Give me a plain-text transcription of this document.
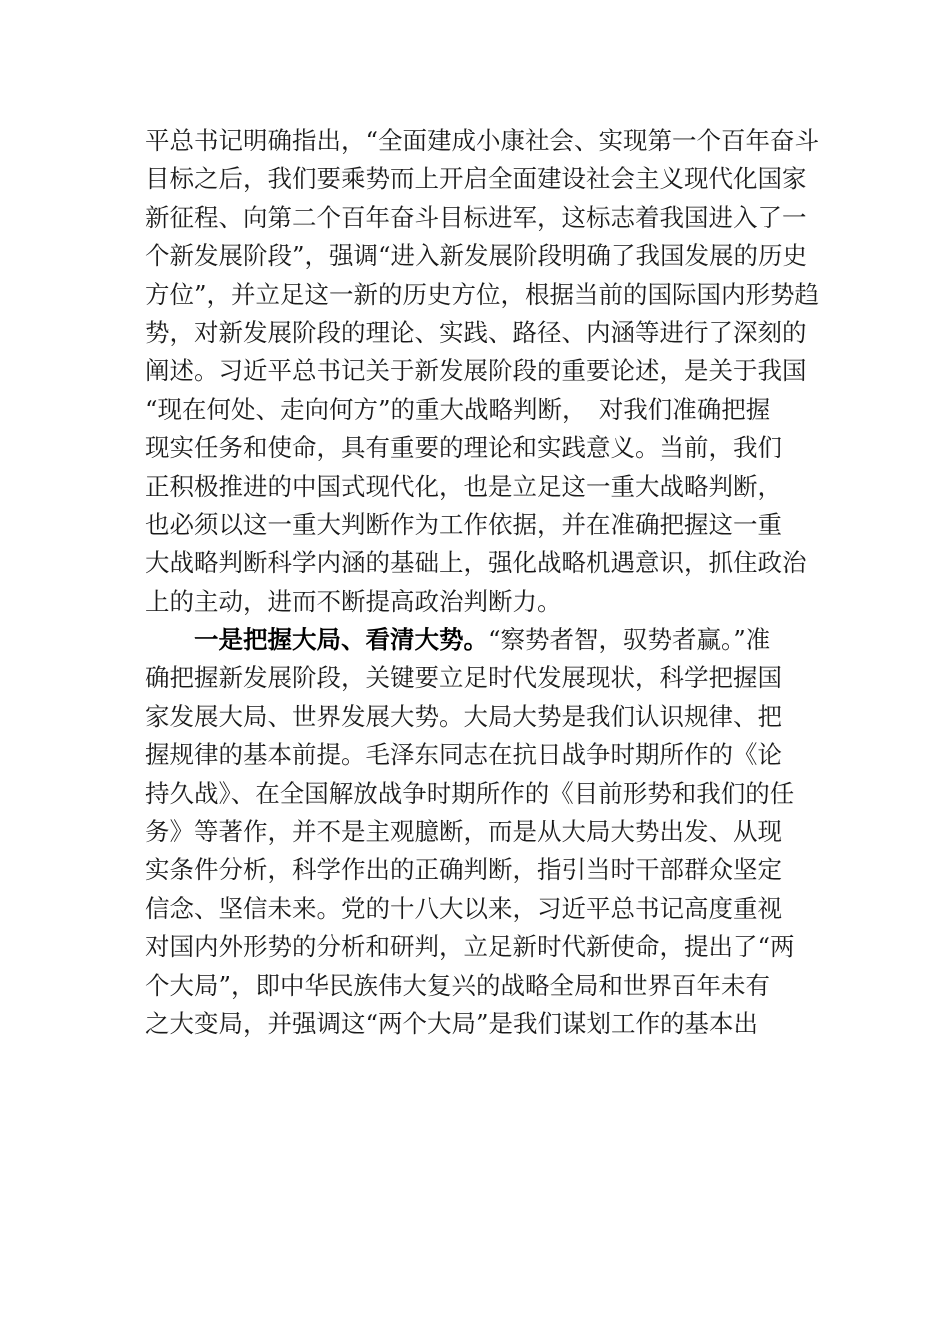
平总书记明确指出，“全面建成小康社会、实现第一个百年奋斗
目标之后，我们要乘势而上开启全面建设社会主义现代化国家
新征程、向第二个百年奋斗目标进军，这标志着我国进入了一
个新发展阶段”，强调“进入新发展阶段明确了我国发展的历史
方位”，并立足这一新的历史方位，根据当前的国际国内形势趋
势，对新发展阶段的理论、实践、路径、内涵等进行了深刻的
阐述。习近平总书记关于新发展阶段的重要论述，是关于我国
“现在何处、走向何方”的重大战略判断，　对我们准确把握
现实任务和使命，具有重要的理论和实践意义。当前，我们
正积极推进的中国式现代化，也是立足这一重大战略判断，
也必须以这一重大判断作为工作依据，并在准确把握这一重
大战略判断科学内涵的基础上，强化战略机遇意识，抓住政治
上的主动，进而不断提高政治判断力。
一是把握大局、看清大势。“察势者智，驭势者赢。”准
确把握新发展阶段，关键要立足时代发展现状，科学把握国
家发展大局、世界发展大势。大局大势是我们认识规律、把
握规律的基本前提。毛泽东同志在抗日战争时期所作的《论
持久战》、在全国解放战争时期所作的《目前形势和我们的任
务》等著作，并不是主观臆断，而是从大局大势出发、从现
实条件分析，科学作出的正确判断，指引当时干部群众坚定
信念、坚信未来。党的十八大以来，习近平总书记高度重视
对国内外形势的分析和研判，立足新时代新使命，提出了“两
个大局”，即中华民族伟大复兴的战略全局和世界百年未有
之大变局，并强调这“两个大局”是我们谋划工作的基本出
